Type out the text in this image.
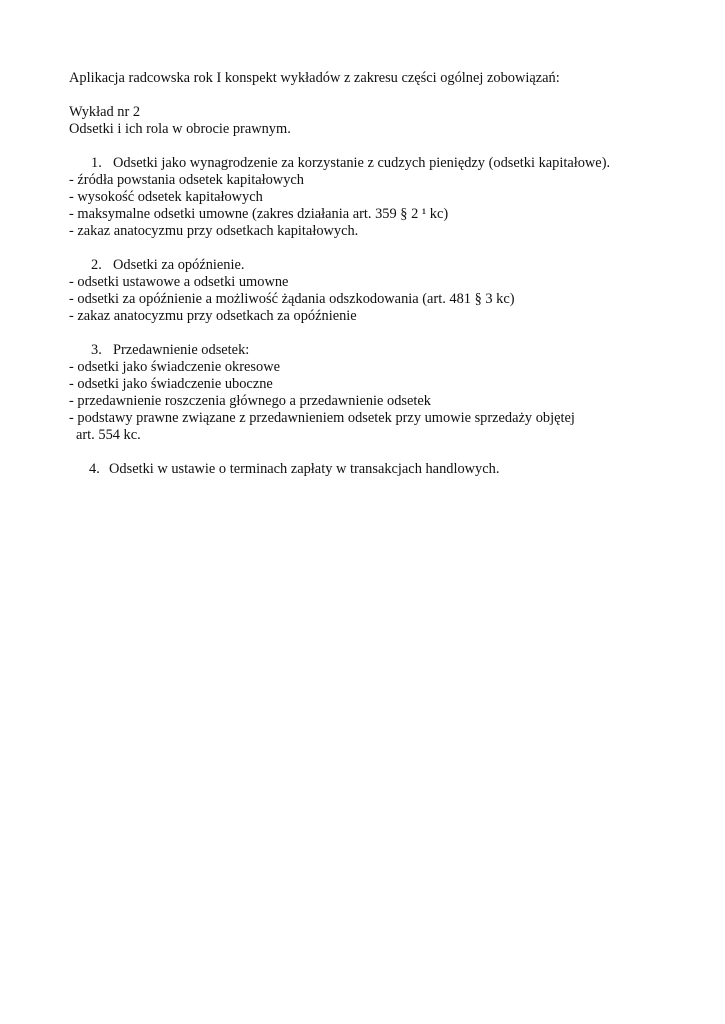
Aplikacja radcowska rok I konspekt wykładów z zakresu części ogólnej zobowiązań:
Wykład nr 2
Odsetki i ich rola w obrocie prawnym.
1. Odsetki jako wynagrodzenie za korzystanie z cudzych pieniędzy (odsetki kapitałowe).
- źródła powstania odsetek kapitałowych
- wysokość odsetek kapitałowych
- maksymalne odsetki umowne (zakres działania art. 359 § 2 ¹ kc)
- zakaz anatocyzmu przy odsetkach kapitałowych.
2. Odsetki za opóźnienie.
- odsetki ustawowe a odsetki umowne
- odsetki za opóźnienie a możliwość żądania odszkodowania (art. 481 § 3 kc)
- zakaz anatocyzmu przy odsetkach za opóźnienie
3. Przedawnienie odsetek:
- odsetki jako świadczenie okresowe
- odsetki jako świadczenie uboczne
- przedawnienie roszczenia głównego a przedawnienie odsetek
- podstawy prawne związane z przedawnieniem odsetek przy umowie sprzedaży objętej
art. 554 kc.
4. Odsetki w ustawie o terminach zapłaty w transakcjach handlowych.
